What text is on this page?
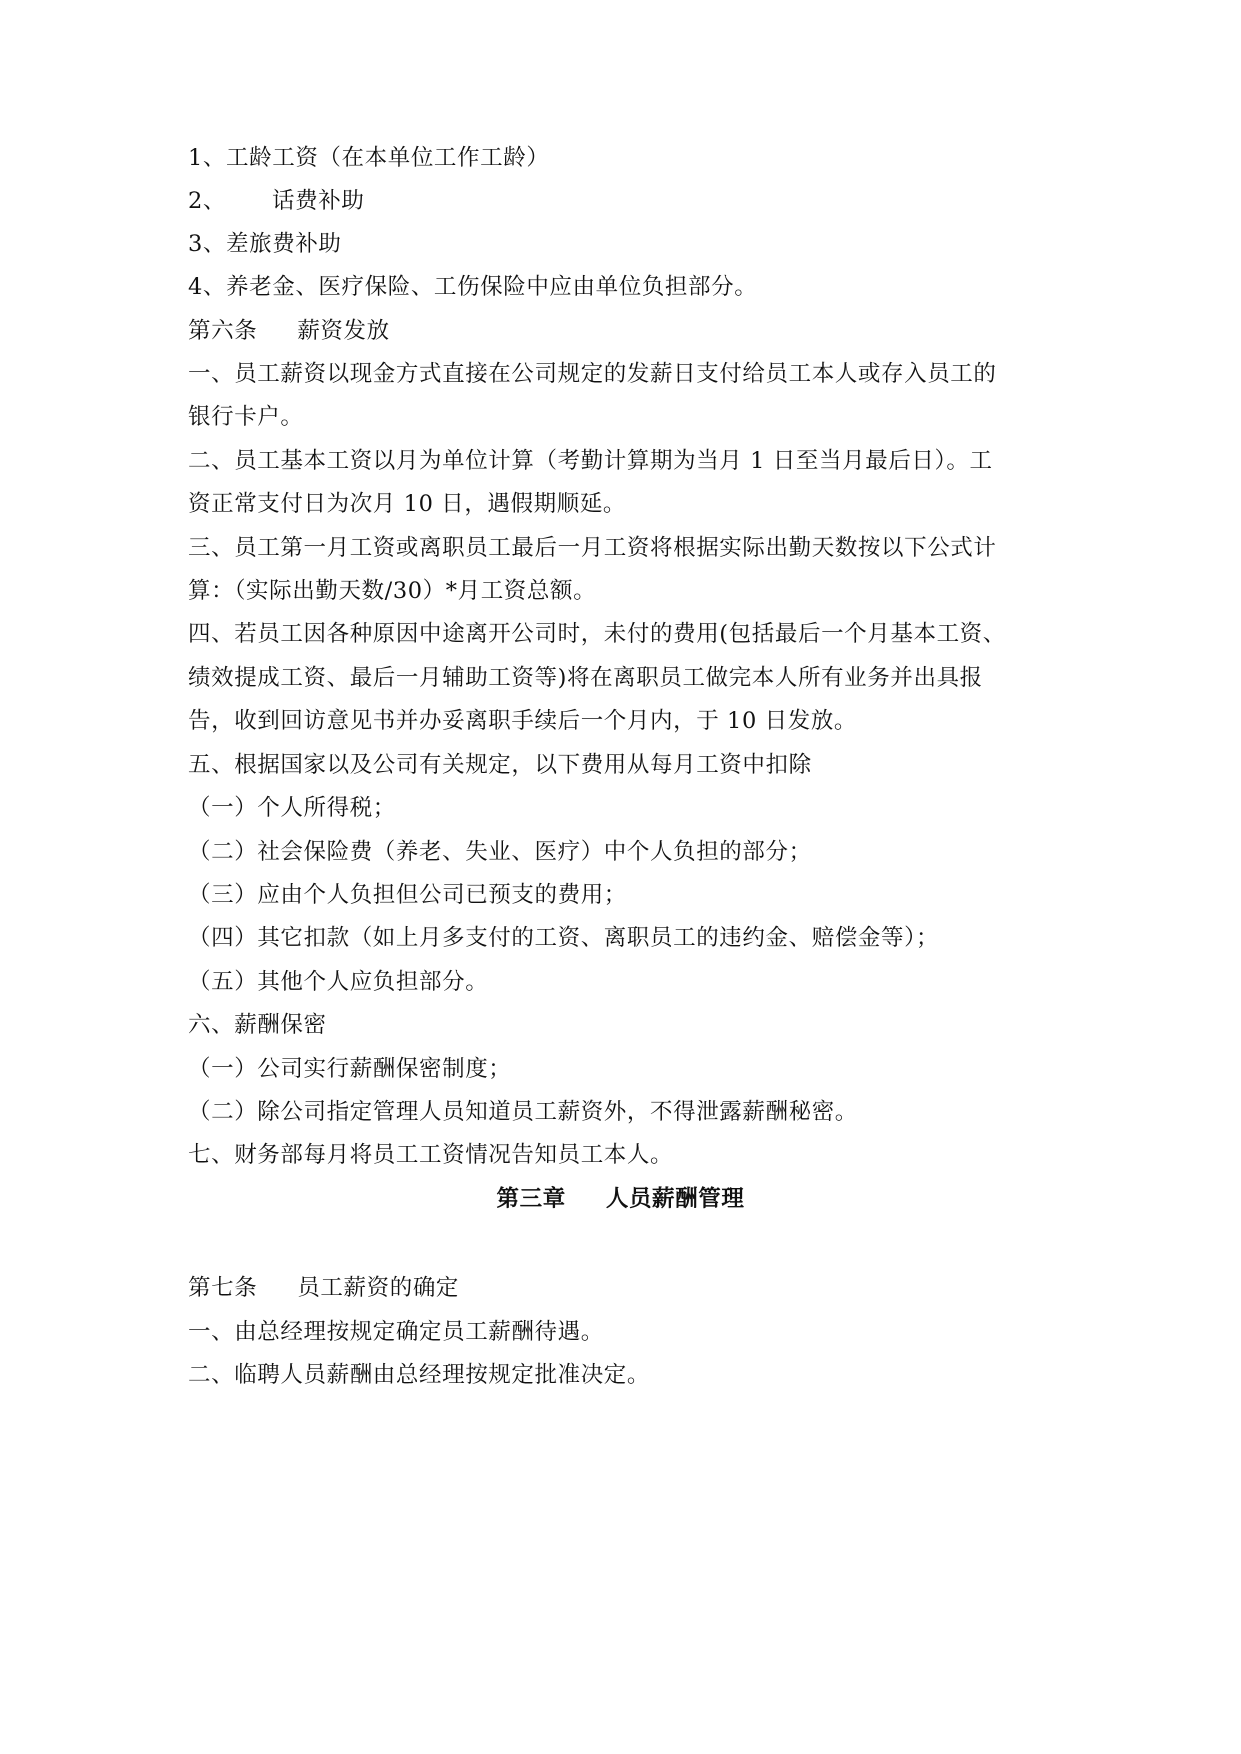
1、工龄工资（在本单位工作工龄）
2、 话费补助
3、差旅费补助
4、养老金、医疗保险、工伤保险中应由单位负担部分。
第六条 薪资发放
一、员工薪资以现金方式直接在公司规定的发薪日支付给员工本人或存入员工的
银行卡户。
二、员工基本工资以月为单位计算（考勤计算期为当月 1 日至当月最后日）。工
资正常支付日为次月 10 日，遇假期顺延。
三、员工第一月工资或离职员工最后一月工资将根据实际出勤天数按以下公式计
算：（实际出勤天数/30）*月工资总额。
四、若员工因各种原因中途离开公司时，未付的费用(包括最后一个月基本工资、
绩效提成工资、最后一月辅助工资等)将在离职员工做完本人所有业务并出具报
告，收到回访意见书并办妥离职手续后一个月内，于 10 日发放。
五、根据国家以及公司有关规定，以下费用从每月工资中扣除
（一）个人所得税；
（二）社会保险费（养老、失业、医疗）中个人负担的部分；
（三）应由个人负担但公司已预支的费用；
（四）其它扣款（如上月多支付的工资、离职员工的违约金、赔偿金等）；
（五）其他个人应负担部分。
六、薪酬保密
（一）公司实行薪酬保密制度；
（二）除公司指定管理人员知道员工薪资外，不得泄露薪酬秘密。
七、财务部每月将员工工资情况告知员工本人。
第三章 人员薪酬管理
第七条 员工薪资的确定
一、由总经理按规定确定员工薪酬待遇。
二、临聘人员薪酬由总经理按规定批准决定。
